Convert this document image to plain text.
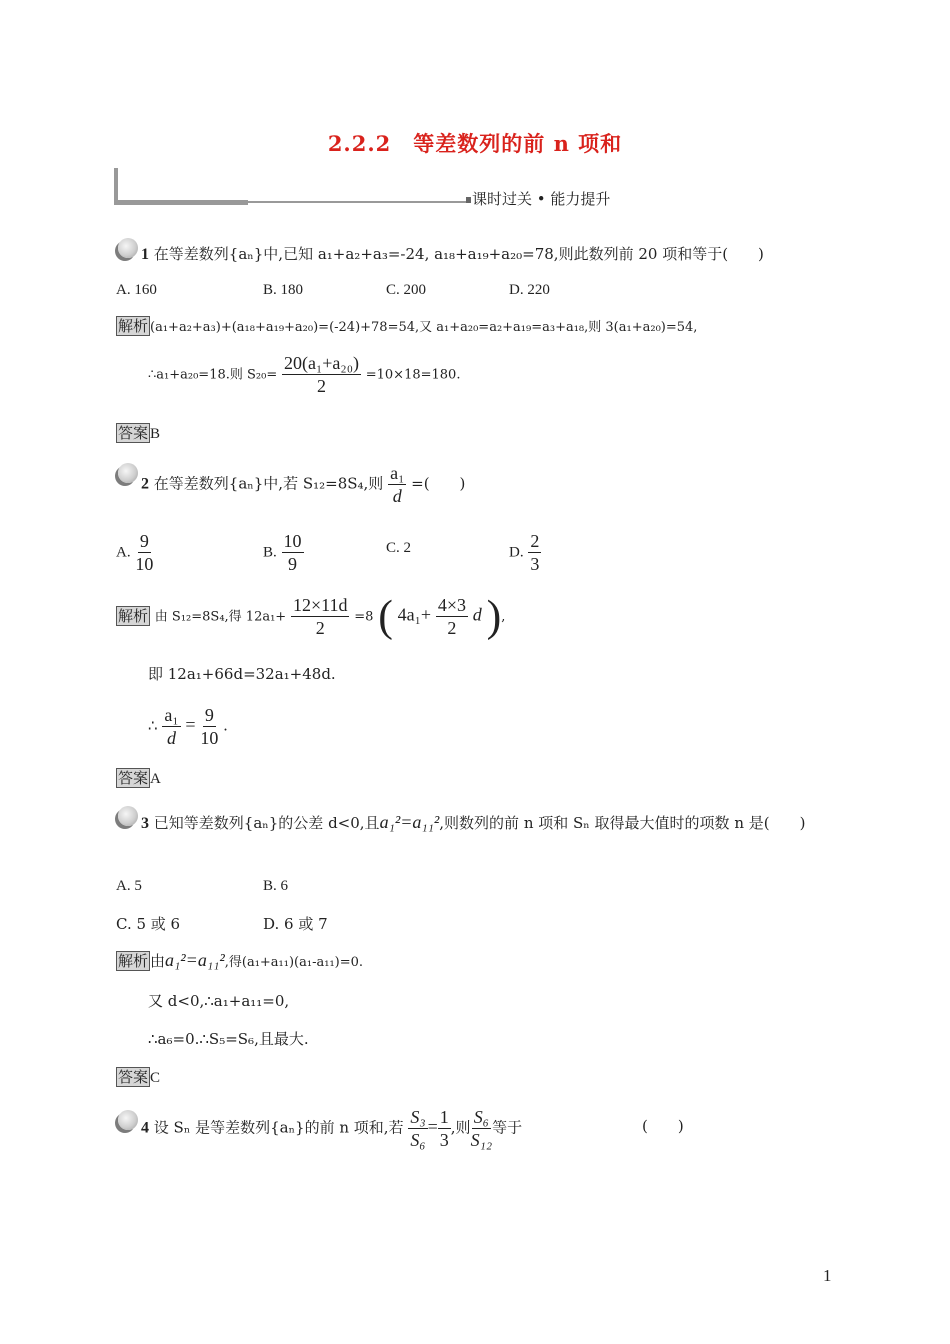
2.2.2　等差数列的前 n 项和
课时过关 • 能力提升
1 在等差数列{aₙ}中,已知 a₁+a₂+a₃=-24, a₁₈+a₁₉+a₂₀=78,则此数列前 20 项和等于(　　)
A. 160	B. 180	C. 200	D. 220
解析 (a₁+a₂+a₃)+(a₁₈+a₁₉+a₂₀)=(-24)+78=54,又 a₁+a₂₀=a₂+a₁₉=a₃+a₁₈,则 3(a₁+a₂₀)=54,
∴a₁+a₂₀=18.则 $S_{20}= \frac{\text{20(a₁+a₂₀)}}{2} =10\times 18=180$.
答案 B
2 在等差数列{aₙ}中,若 S₁₂=8S₄,则 $\frac{\text{a₁}}{d}$ =(　　)
A. $\frac{9}{10}$	B. $\frac{10}{9}$	C. 2	D. $\frac{2}{3}$
解析 由 S₁₂=8S₄,得 $12a_1+ \frac{12\times 11d}{2} =8$ ( $4a_1+ \frac{4\times 3}{2}$ d ),
即 12a₁+66d=32a₁+48d.
∴ $\frac{\text{a₁}}{d} = \frac{9}{10}$ .
答案 A
3 已知等差数列{aₙ}的公差 d<0,且a₁²=a₁₁²,则数列的前 n 项和 Sₙ 取得最大值时的项数 n 是(　　)
A. 5	B. 6
C. 5 或 6	D. 6 或 7
解析 由a₁²=a₁₁²,得(a₁+a₁₁)(a₁-a₁₁)=0.
又 d<0,∴a₁+a₁₁=0,
∴a₆=0.∴S₅=S₆,且最大.
答案 C
4 设 Sₙ 是等差数列{aₙ}的前 n 项和,若 $\frac{\text{S₃}}{\text{S₆}} = \frac{1}{3}$ ,则 $\frac{\text{S₆}}{\text{S₁₂}}$ 等于	(　　)
1
